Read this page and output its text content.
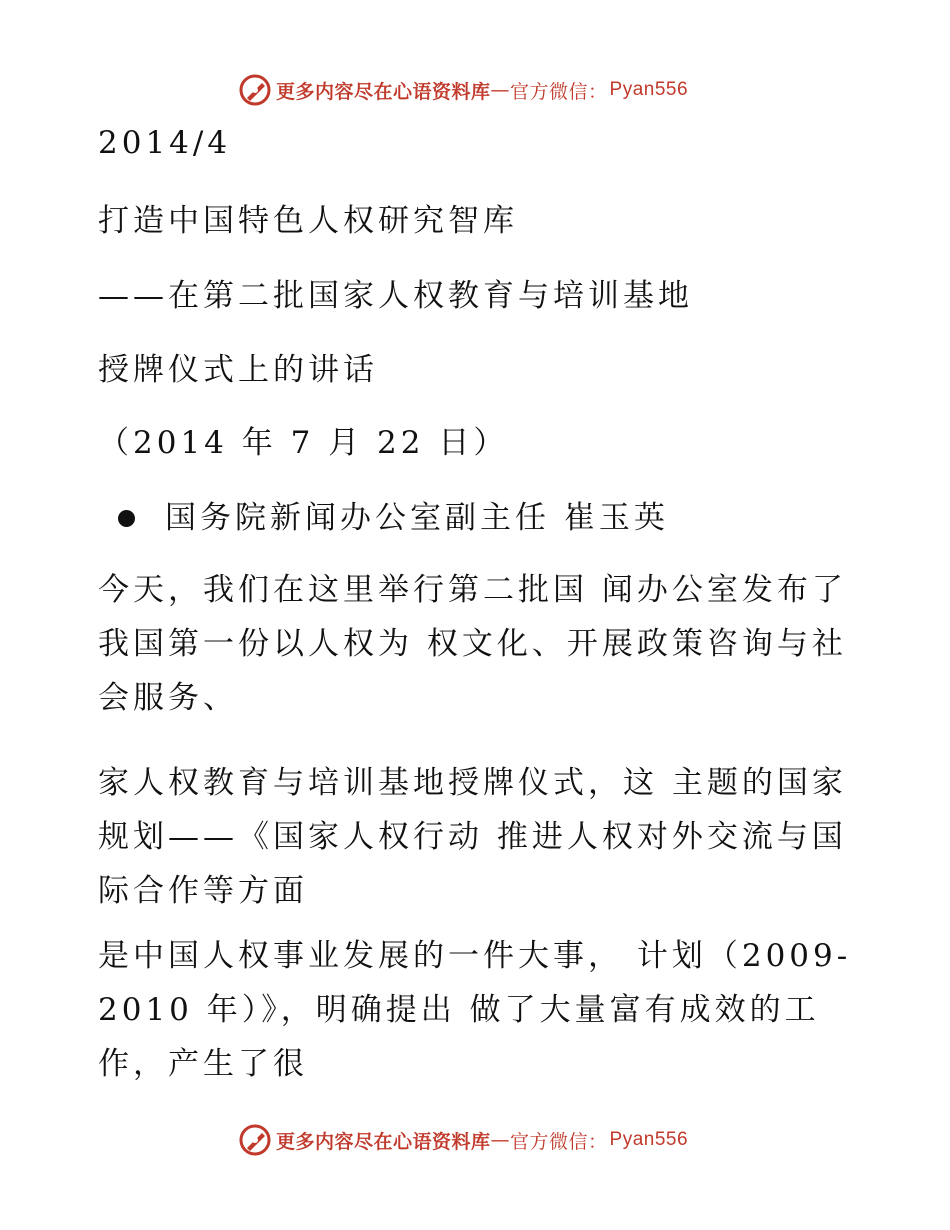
更多内容尽在心语资料库 — 官方微信： Pyan556
2014/4
打造中国特色人权研究智库
——在第二批国家人权教育与培训基地
授牌仪式上的讲话
（2014 年 7 月 22 日）
国务院新闻办公室副主任 崔玉英
今天，我们在这里举行第二批国 闻办公室发布了
我国第一份以人权为 权文化、开展政策咨询与社
会服务、
家人权教育与培训基地授牌仪式，这 主题的国家
规划——《国家人权行动 推进人权对外交流与国
际合作等方面
是中国人权事业发展的一件大事， 计划（2009-
2010 年）》，明确提出 做了大量富有成效的工
作，产生了很
更多内容尽在心语资料库 — 官方微信： Pyan556
